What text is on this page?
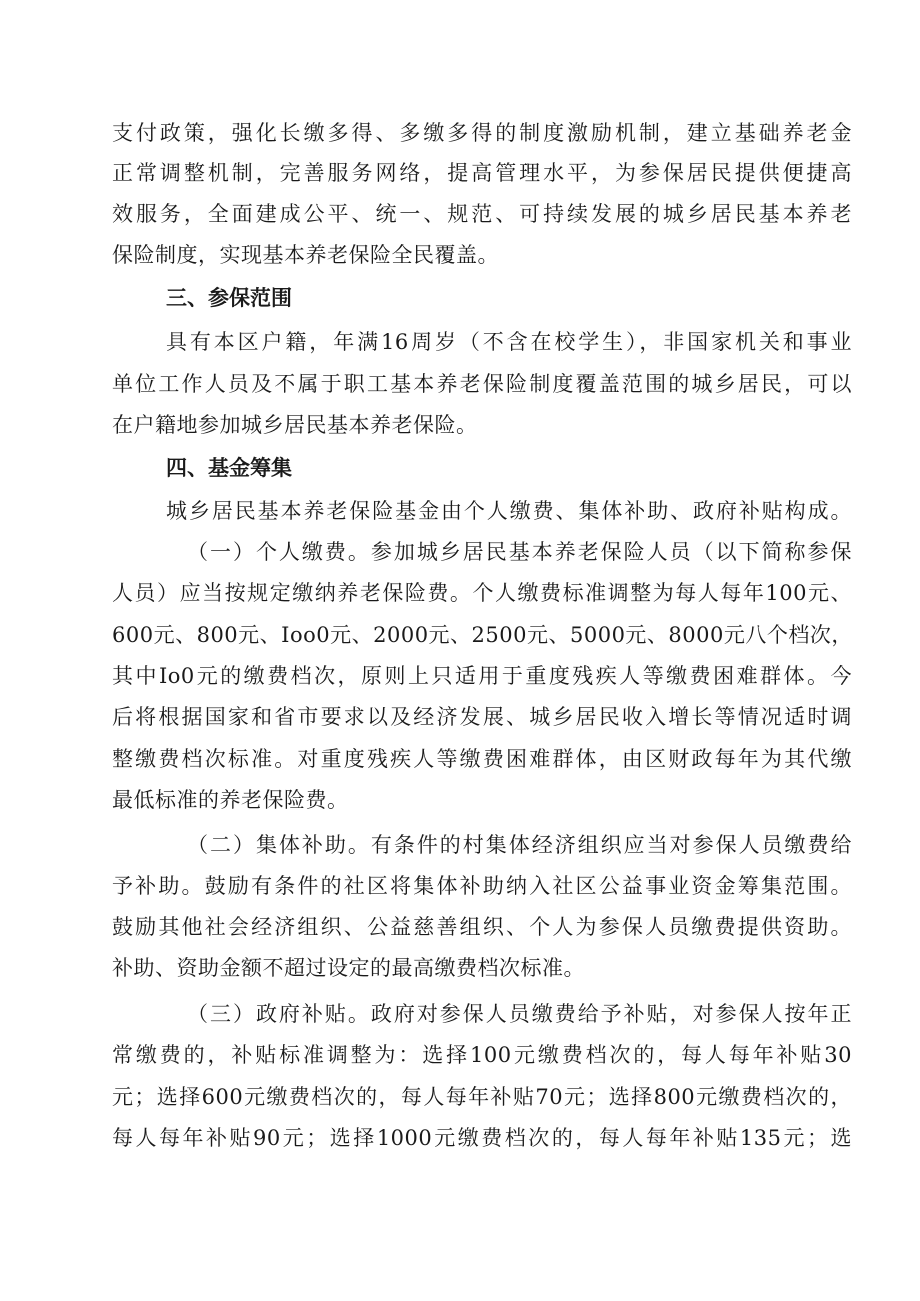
支付政策，强化长缴多得、多缴多得的制度激励机制，建立基础养老金
正常调整机制，完善服务网络，提高管理水平，为参保居民提供便捷高
效服务，全面建成公平、统一、规范、可持续发展的城乡居民基本养老
保险制度，实现基本养老保险全民覆盖。
三、参保范围
具有本区户籍，年满16周岁（不含在校学生），非国家机关和事业
单位工作人员及不属于职工基本养老保险制度覆盖范围的城乡居民，可以
在户籍地参加城乡居民基本养老保险。
四、基金筹集
城乡居民基本养老保险基金由个人缴费、集体补助、政府补贴构成。
（一）个人缴费。参加城乡居民基本养老保险人员（以下简称参保
人员）应当按规定缴纳养老保险费。个人缴费标准调整为每人每年100元、
600元、800元、Ioo0元、2000元、2500元、5000元、8000元八个档次，
其中Io0元的缴费档次，原则上只适用于重度残疾人等缴费困难群体。今
后将根据国家和省市要求以及经济发展、城乡居民收入增长等情况适时调
整缴费档次标准。对重度残疾人等缴费困难群体，由区财政每年为其代缴
最低标准的养老保险费。
（二）集体补助。有条件的村集体经济组织应当对参保人员缴费给
予补助。鼓励有条件的社区将集体补助纳入社区公益事业资金筹集范围。
鼓励其他社会经济组织、公益慈善组织、个人为参保人员缴费提供资助。
补助、资助金额不超过设定的最高缴费档次标准。
（三）政府补贴。政府对参保人员缴费给予补贴，对参保人按年正
常缴费的，补贴标准调整为：选择100元缴费档次的，每人每年补贴30
元；选择600元缴费档次的，每人每年补贴70元；选择800元缴费档次的，
每人每年补贴90元；选择1000元缴费档次的，每人每年补贴135元；选
